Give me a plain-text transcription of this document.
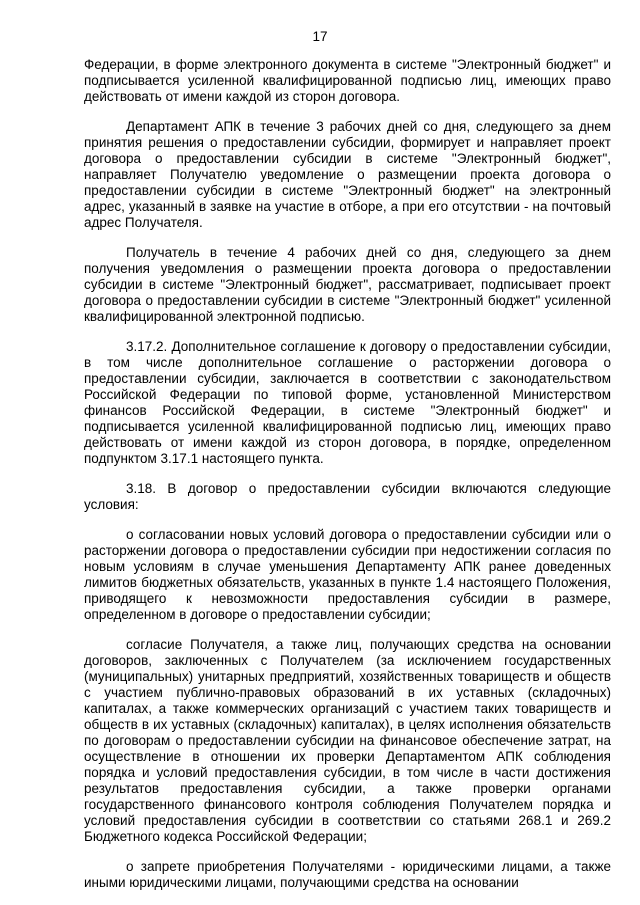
17

Федерации, в форме электронного документа в системе "Электронный бюджет" и подписывается усиленной квалифицированной подписью лиц, имеющих право действовать от имени каждой из сторон договора.

Департамент АПК в течение 3 рабочих дней со дня, следующего за днем принятия решения о предоставлении субсидии, формирует и направляет проект договора о предоставлении субсидии в системе "Электронный бюджет", направляет Получателю уведомление о размещении проекта договора о предоставлении субсидии в системе "Электронный бюджет" на электронный адрес, указанный в заявке на участие в отборе, а при его отсутствии - на почтовый адрес Получателя.

Получатель в течение 4 рабочих дней со дня, следующего за днем получения уведомления о размещении проекта договора о предоставлении субсидии в системе "Электронный бюджет", рассматривает, подписывает проект договора о предоставлении субсидии в системе "Электронный бюджет" усиленной квалифицированной электронной подписью.

3.17.2. Дополнительное соглашение к договору о предоставлении субсидии, в том числе дополнительное соглашение о расторжении договора о предоставлении субсидии, заключается в соответствии с законодательством Российской Федерации по типовой форме, установленной Министерством финансов Российской Федерации, в системе "Электронный бюджет" и подписывается усиленной квалифицированной подписью лиц, имеющих право действовать от имени каждой из сторон договора, в порядке, определенном подпунктом 3.17.1 настоящего пункта.

3.18. В договор о предоставлении субсидии включаются следующие условия:

о согласовании новых условий договора о предоставлении субсидии или о расторжении договора о предоставлении субсидии при недостижении согласия по новым условиям в случае уменьшения Департаменту АПК ранее доведенных лимитов бюджетных обязательств, указанных в пункте 1.4 настоящего Положения, приводящего к невозможности предоставления субсидии в размере, определенном в договоре о предоставлении субсидии;

согласие Получателя, а также лиц, получающих средства на основании договоров, заключенных с Получателем (за исключением государственных (муниципальных) унитарных предприятий, хозяйственных товариществ и обществ с участием публично-правовых образований в их уставных (складочных) капиталах, а также коммерческих организаций с участием таких товариществ и обществ в их уставных (складочных) капиталах), в целях исполнения обязательств по договорам о предоставлении субсидии на финансовое обеспечение затрат, на осуществление в отношении их проверки Департаментом АПК соблюдения порядка и условий предоставления субсидии, в том числе в части достижения результатов предоставления субсидии, а также проверки органами государственного финансового контроля соблюдения Получателем порядка и условий предоставления субсидии в соответствии со статьями 268.1 и 269.2 Бюджетного кодекса Российской Федерации;

о запрете приобретения Получателями - юридическими лицами, а также иными юридическими лицами, получающими средства на основании
